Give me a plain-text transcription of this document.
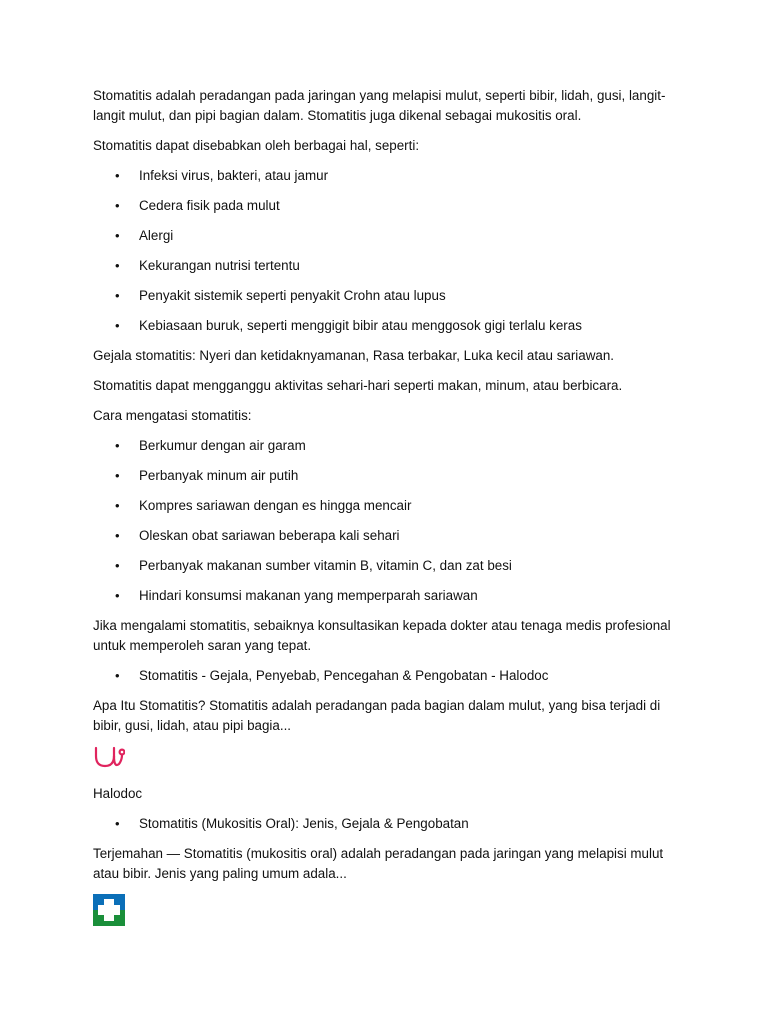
Stomatitis adalah peradangan pada jaringan yang melapisi mulut, seperti bibir, lidah, gusi, langit-langit mulut, dan pipi bagian dalam. Stomatitis juga dikenal sebagai mukositis oral.

Stomatitis dapat disebabkan oleh berbagai hal, seperti:

• Infeksi virus, bakteri, atau jamur
• Cedera fisik pada mulut
• Alergi
• Kekurangan nutrisi tertentu
• Penyakit sistemik seperti penyakit Crohn atau lupus
• Kebiasaan buruk, seperti menggigit bibir atau menggosok gigi terlalu keras

Gejala stomatitis: Nyeri dan ketidaknyamanan, Rasa terbakar, Luka kecil atau sariawan.

Stomatitis dapat mengganggu aktivitas sehari-hari seperti makan, minum, atau berbicara.

Cara mengatasi stomatitis:

• Berkumur dengan air garam
• Perbanyak minum air putih
• Kompres sariawan dengan es hingga mencair
• Oleskan obat sariawan beberapa kali sehari
• Perbanyak makanan sumber vitamin B, vitamin C, dan zat besi
• Hindari konsumsi makanan yang memperparah sariawan

Jika mengalami stomatitis, sebaiknya konsultasikan kepada dokter atau tenaga medis profesional untuk memperoleh saran yang tepat.

• Stomatitis - Gejala, Penyebab, Pencegahan & Pengobatan - Halodoc

Apa Itu Stomatitis? Stomatitis adalah peradangan pada bagian dalam mulut, yang bisa terjadi di bibir, gusi, lidah, atau pipi bagia...

Halodoc

• Stomatitis (Mukositis Oral): Jenis, Gejala & Pengobatan

Terjemahan — Stomatitis (mukositis oral) adalah peradangan pada jaringan yang melapisi mulut atau bibir. Jenis yang paling umum adala...
